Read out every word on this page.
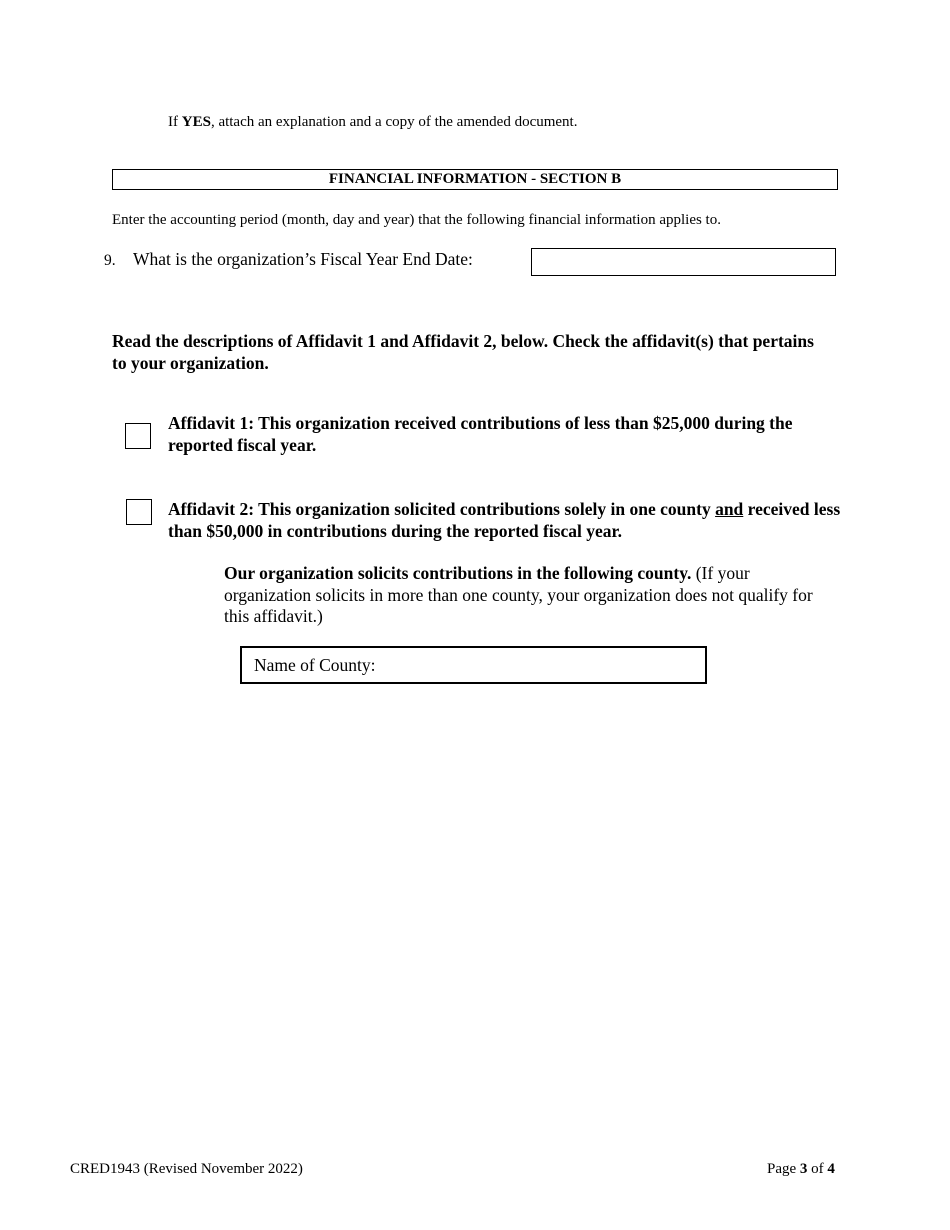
If YES, attach an explanation and a copy of the amended document.
FINANCIAL INFORMATION - SECTION B
Enter the accounting period (month, day and year) that the following financial information applies to.
9. What is the organization’s Fiscal Year End Date:
Read the descriptions of Affidavit 1 and Affidavit 2, below. Check the affidavit(s) that pertains to your organization.
Affidavit 1: This organization received contributions of less than $25,000 during the reported fiscal year.
Affidavit 2: This organization solicited contributions solely in one county and received less than $50,000 in contributions during the reported fiscal year.
Our organization solicits contributions in the following county. (If your organization solicits in more than one county, your organization does not qualify for this affidavit.)
Name of County:
CRED1943 (Revised November 2022)	Page 3 of 4
